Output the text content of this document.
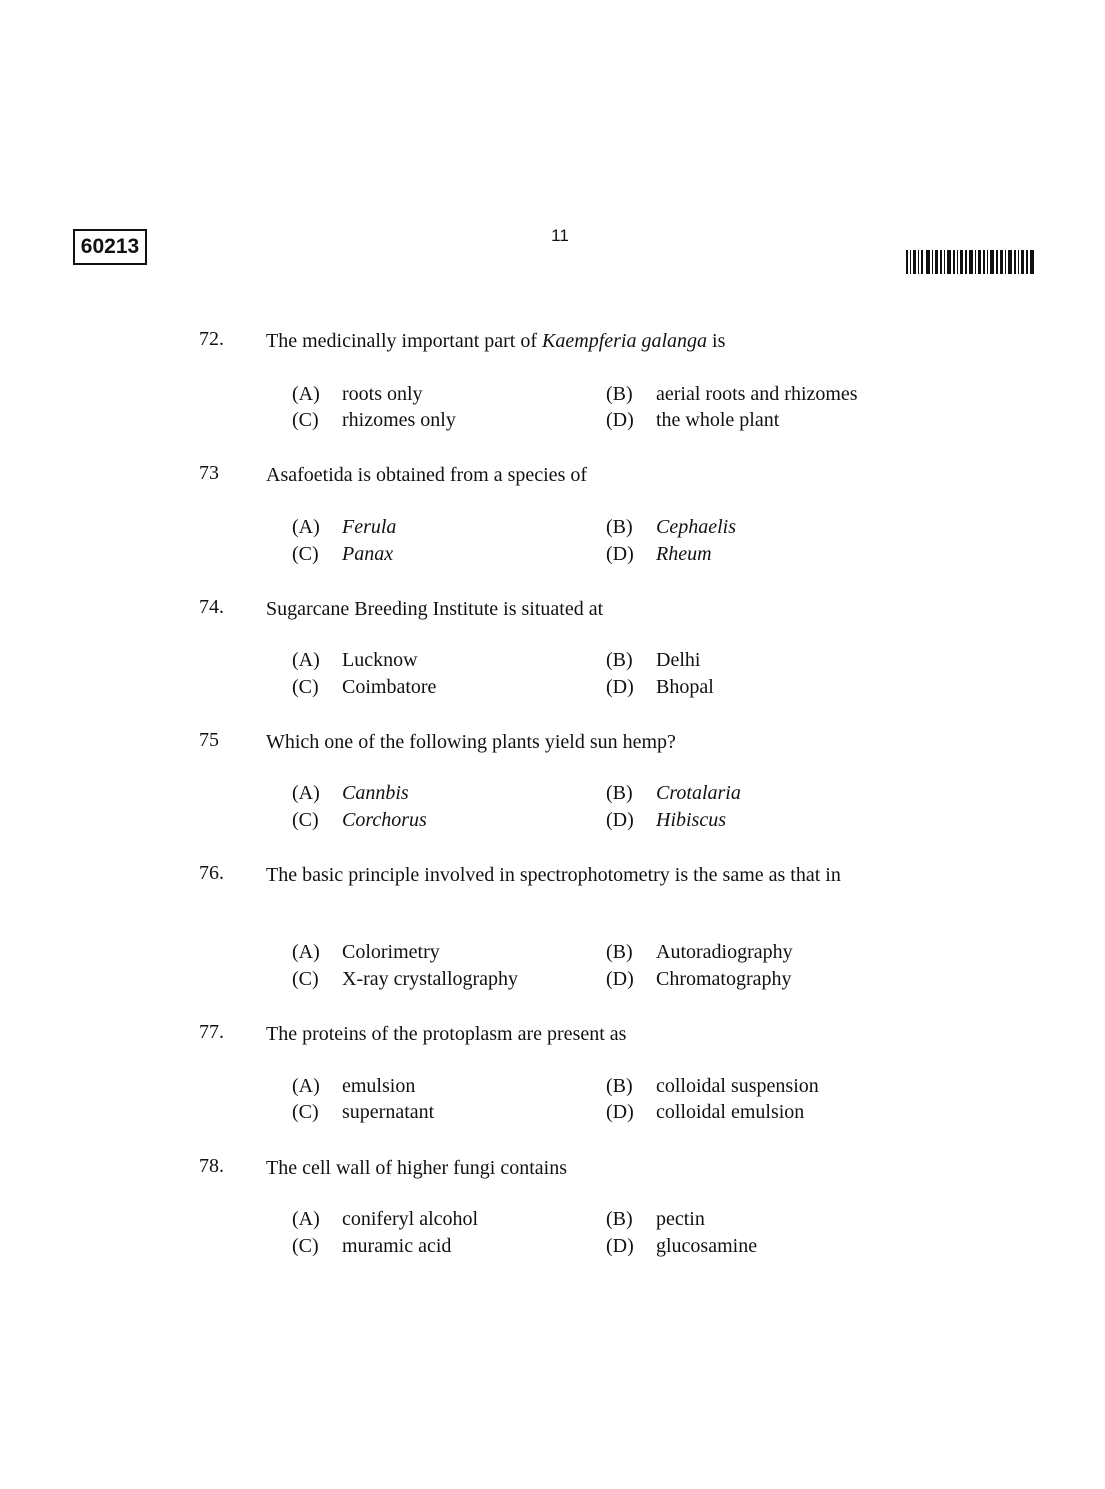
60213	11
72. The medicinally important part of Kaempferia galanga is
(A) roots only	(B) aerial roots and rhizomes
(C) rhizomes only	(D) the whole plant
73 Asafoetida is obtained from a species of
(A) Ferula	(B) Cephaelis
(C) Panax	(D) Rheum
74. Sugarcane Breeding Institute is situated at
(A) Lucknow	(B) Delhi
(C) Coimbatore	(D) Bhopal
75 Which one of the following plants yield sun hemp?
(A) Cannbis	(B) Crotalaria
(C) Corchorus	(D) Hibiscus
76. The basic principle involved in spectrophotometry is the same as that in
(A) Colorimetry	(B) Autoradiography
(C) X-ray crystallography	(D) Chromatography
77. The proteins of the protoplasm are present as
(A) emulsion	(B) colloidal suspension
(C) supernatant	(D) colloidal emulsion
78. The cell wall of higher fungi contains
(A) coniferyl alcohol	(B) pectin
(C) muramic acid	(D) glucosamine
